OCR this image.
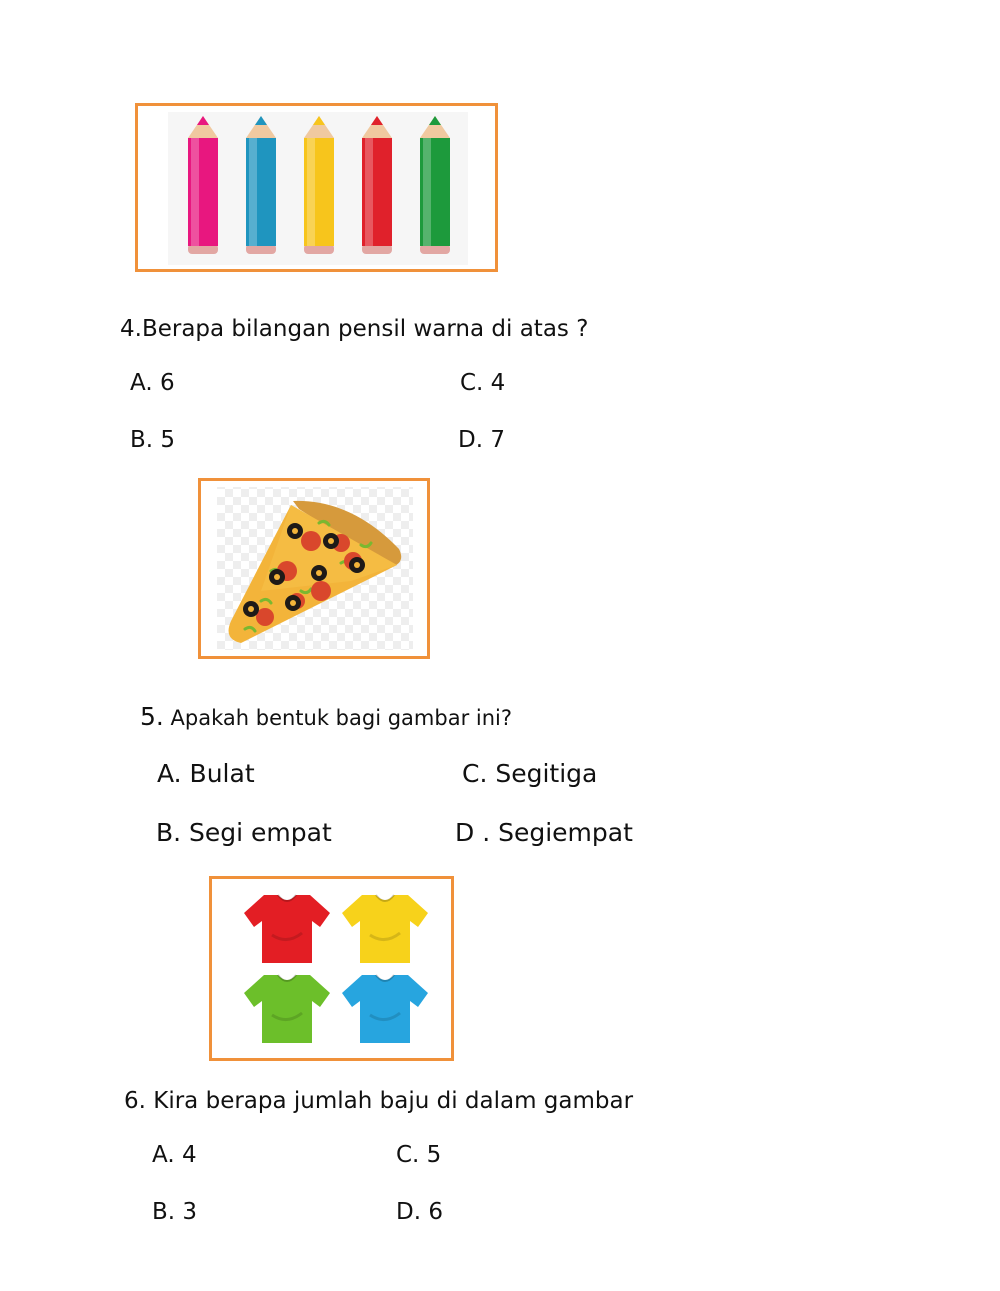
4.Berapa bilangan pensil warna di atas ?
A. 6	C. 4
B. 5	D. 7
5. Apakah bentuk bagi gambar ini?
A. Bulat	C. Segitiga
B. Segi empat	D . Segiempat
6. Kira berapa jumlah baju di dalam gambar
A. 4	C. 5
B. 3	D. 6
